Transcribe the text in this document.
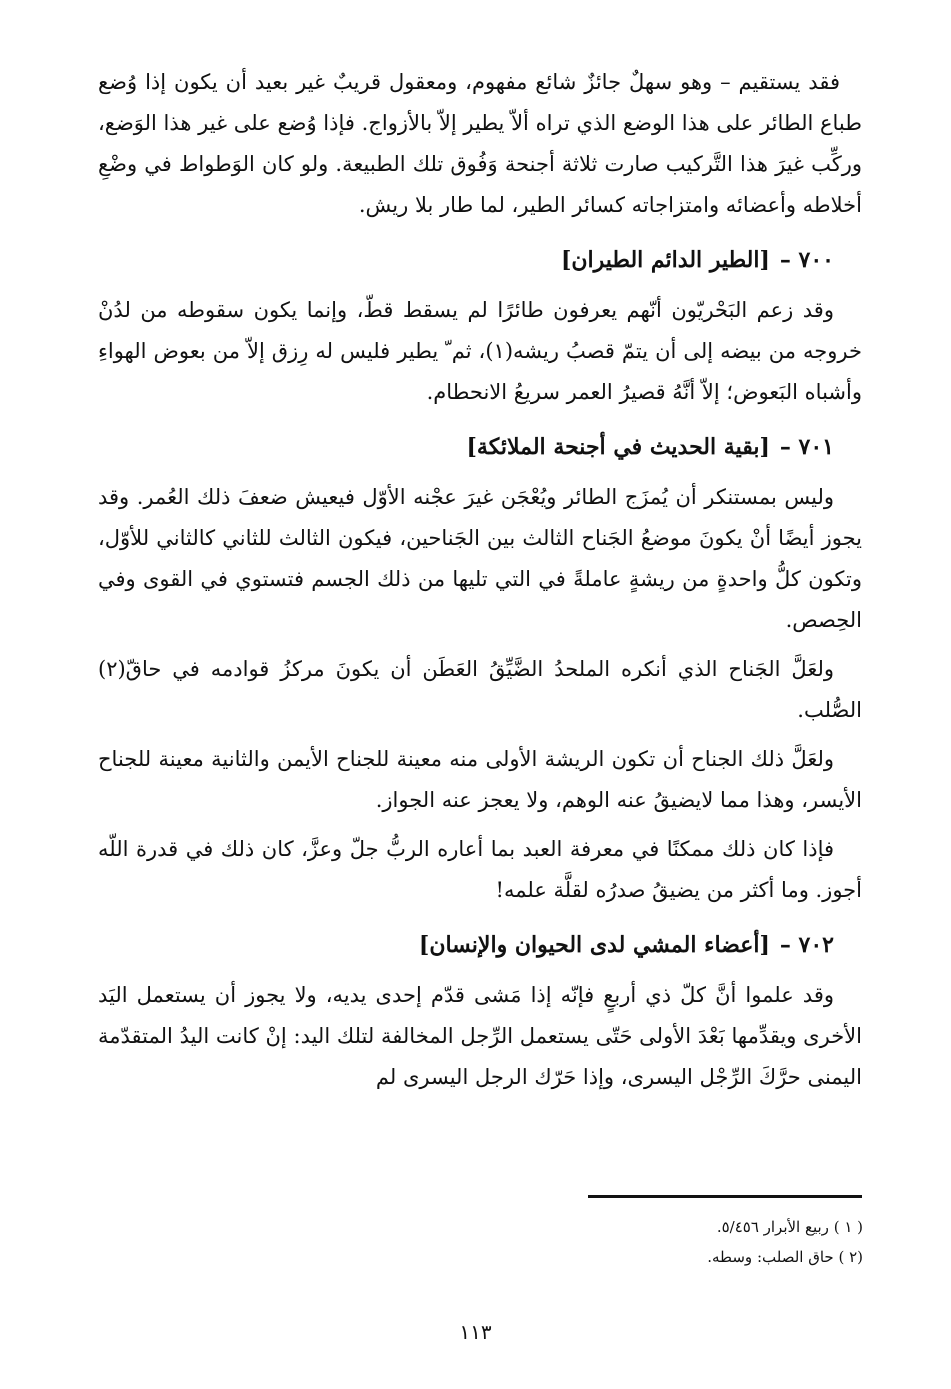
فقد يستقيم – وهو سهلٌ جائزٌ شائع مفهوم، ومعقول قريبٌ غير بعيد أن يكون إذا وُضع طباع الطائر على هذا الوضع الذي تراه ألاّ يطير إلاّ بالأزواج. فإذا وُضع على غير هذا الوَضع، وركِّب غيرَ هذا التَّركيب صارت ثلاثة أجنحة وَفُوق تلك الطبيعة. ولو كان الوَطواط في وضْعِ أخلاطه وأعضائه وامتزاجاته كسائر الطير، لما طار بلا ريش.

٧٠٠ –[الطير الدائم الطيران]

وقد زعم البَحْريّون أنّهم يعرفون طائرًا لم يسقط قطّ، وإنما يكون سقوطه من لدُنْ خروجه من بيضه إلى أن يتمّ قصبُ ريشه(١)، ثم ّ يطير فليس له رِزق إلاّ من بعوض الهواءِ وأشباه البَعوض؛ إلاّ أنَّهُ قصيرُ العمر سريعُ الانحطام.

٧٠١ –[بقية الحديث في أجنحة الملائكة]

وليس بمستنكر أن يُمزَج الطائر ويُعْجَن غيرَ عجْنه الأوّل فيعيش ضعفَ ذلك العُمر. وقد يجوز أيضًا أنْ يكونَ موضعُ الجَناح الثالث بين الجَناحين، فيكون الثالث للثاني كالثاني للأوّل، وتكون كلُّ واحدةٍ من ريشةٍ عاملةً في التي تليها من ذلك الجسم فتستوي في القوى وفي الحِصص.

ولعَلَّ الجَناح الذي أنكره الملحدُ الضَّيِّقُ العَطَن أن يكونَ مركزُ قوادمه في حاقّ(٢) الصُّلب.

ولعَلَّ ذلك الجناح أن تكون الريشة الأولى منه معينة للجناح الأيمن والثانية معينة للجناح الأيسر، وهذا مما لايضيقُ عنه الوهم، ولا يعجز عنه الجواز.

فإذا كان ذلك ممكنًا في معرفة العبد بما أعاره الربُّ جلّ وعزَّ، كان ذلك في قدرة اللّه أجوز. وما أكثر من يضيقُ صدرُه لقلَّة علمه!

٧٠٢ –[أعضاء المشي لدى الحيوان والإنسان]

وقد علموا أنَّ كلّ ذي أربعٍ فإنّه إذا مَشى قدّم إحدى يديه، ولا يجوز أن يستعمل اليَد الأخرى ويقدِّمها بَعْدَ الأولى حَتّى يستعمل الرِّجل المخالفة لتلك اليد: إنْ كانت اليدُ المتقدّمة اليمنى حرَّكَ الرِّجْل اليسرى، وإذا حَرّك الرجل اليسرى لم

( ١ ) ربيع الأبرار ٥/٤٥٦.

(٢ ) حاق الصلب: وسطه.

١١٣
